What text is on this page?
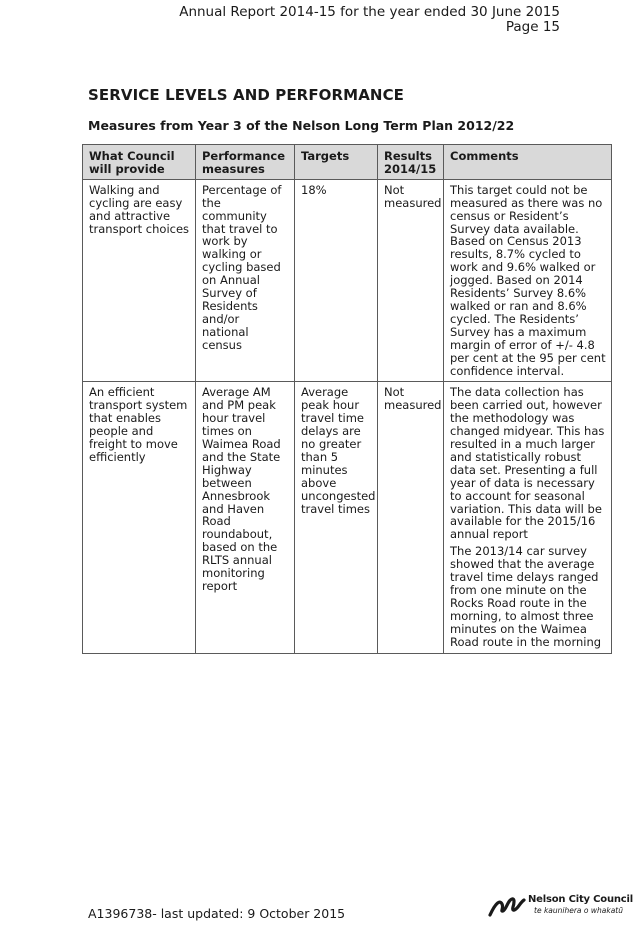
Annual Report 2014-15 for the year ended 30 June 2015
Page 15
SERVICE LEVELS AND PERFORMANCE
Measures from Year 3 of the Nelson Long Term Plan 2012/22
What Council will provide	Performance measures	Targets	Results 2014/15	Comments
Walking and cycling are easy and attractive transport choices	Percentage of the community that travel to work by walking or cycling based on Annual Survey of Residents and/or national census	18%	Not measured	This target could not be measured as there was no census or Resident’s Survey data available. Based on Census 2013 results, 8.7% cycled to work and 9.6% walked or jogged. Based on 2014 Residents’ Survey 8.6% walked or ran and 8.6% cycled. The Residents’ Survey has a maximum margin of error of +/- 4.8 per cent at the 95 per cent confidence interval.

An efficient transport system that enables people and freight to move efficiently	Average AM and PM peak hour travel times on Waimea Road and the State Highway between Annesbrook and Haven Road roundabout, based on the RLTS annual monitoring report	Average peak hour travel time delays are no greater than 5 minutes above uncongested travel times	Not measured	The data collection has been carried out, however the methodology was changed midyear. This has resulted in a much larger and statistically robust data set. Presenting a full year of data is necessary to account for seasonal variation. This data will be available for the 2015/16 annual report

The 2013/14 car survey showed that the average travel time delays ranged from one minute on the Rocks Road route in the morning, to almost three minutes on the Waimea Road route in the morning

A1396738- last updated: 9 October 2015
Nelson City Council
te kaunihera o whakatū
